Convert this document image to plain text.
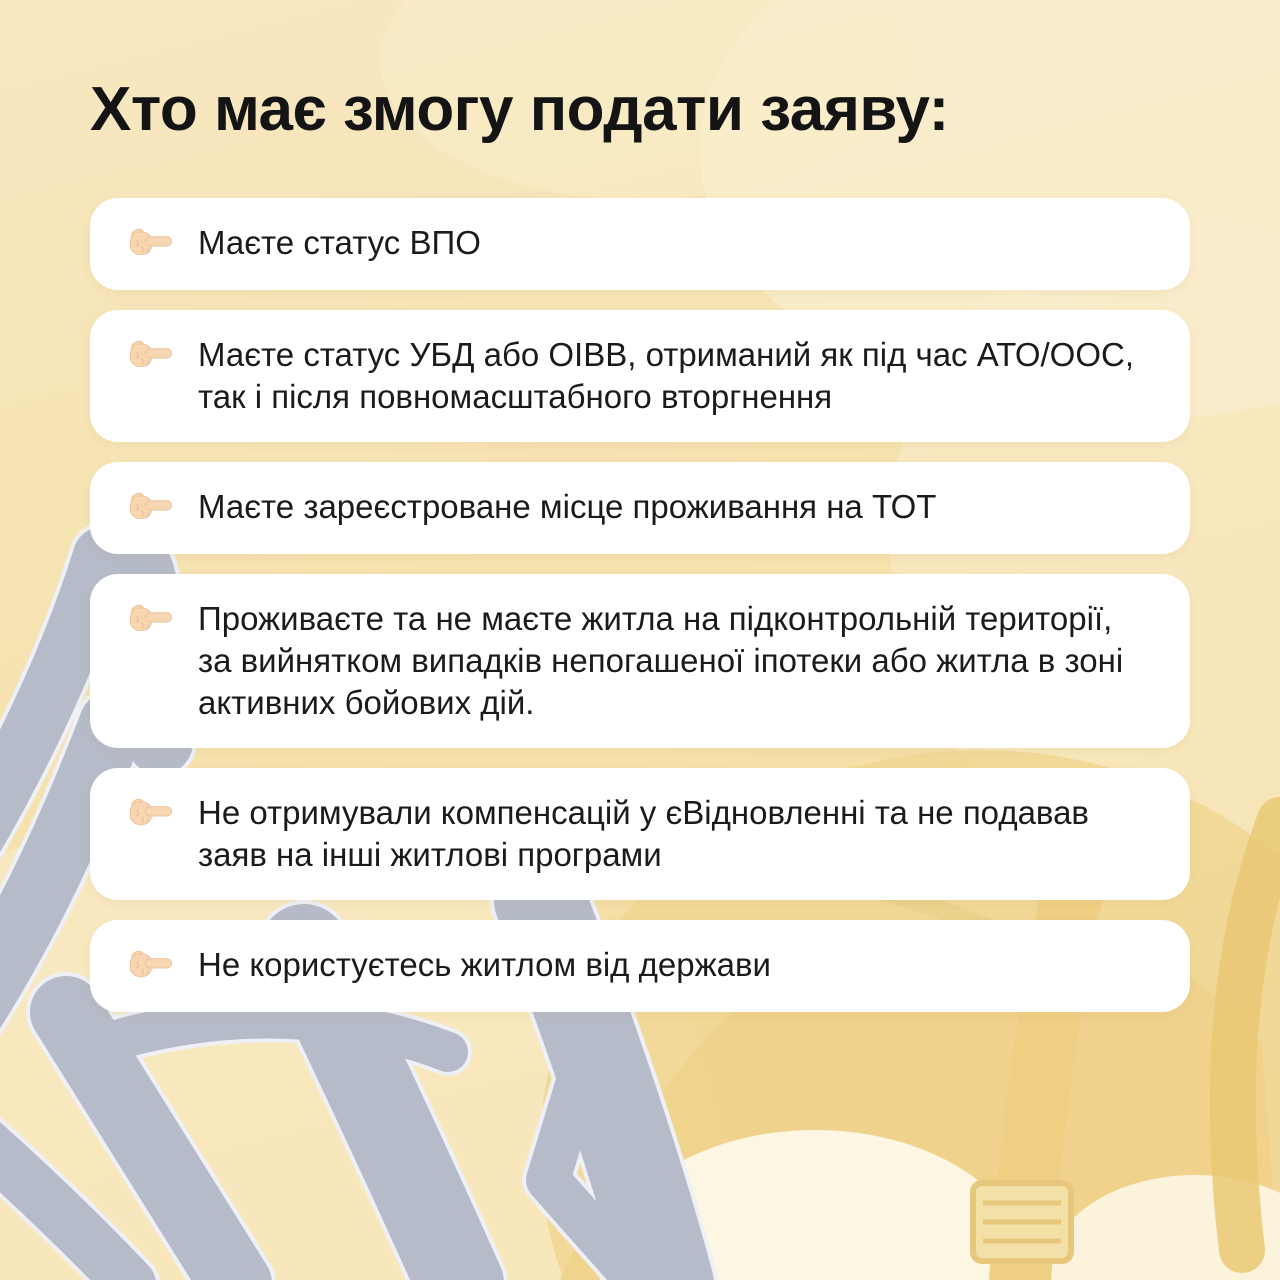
Хто має змогу подати заяву:

Маєте статус ВПО

Маєте статус УБД або ОІВВ, отриманий як під час АТО/ООС, так і після повномасштабного вторгнення

Маєте зареєстроване місце проживання на ТОТ

Проживаєте та не маєте житла на підконтрольній території, за вийнятком випадків непогашеної іпотеки або житла в зоні активних бойових дій.

Не отримували компенсацій у єВідновленні та не подавав заяв на інші житлові програми

Не користуєтесь житлом від держави
